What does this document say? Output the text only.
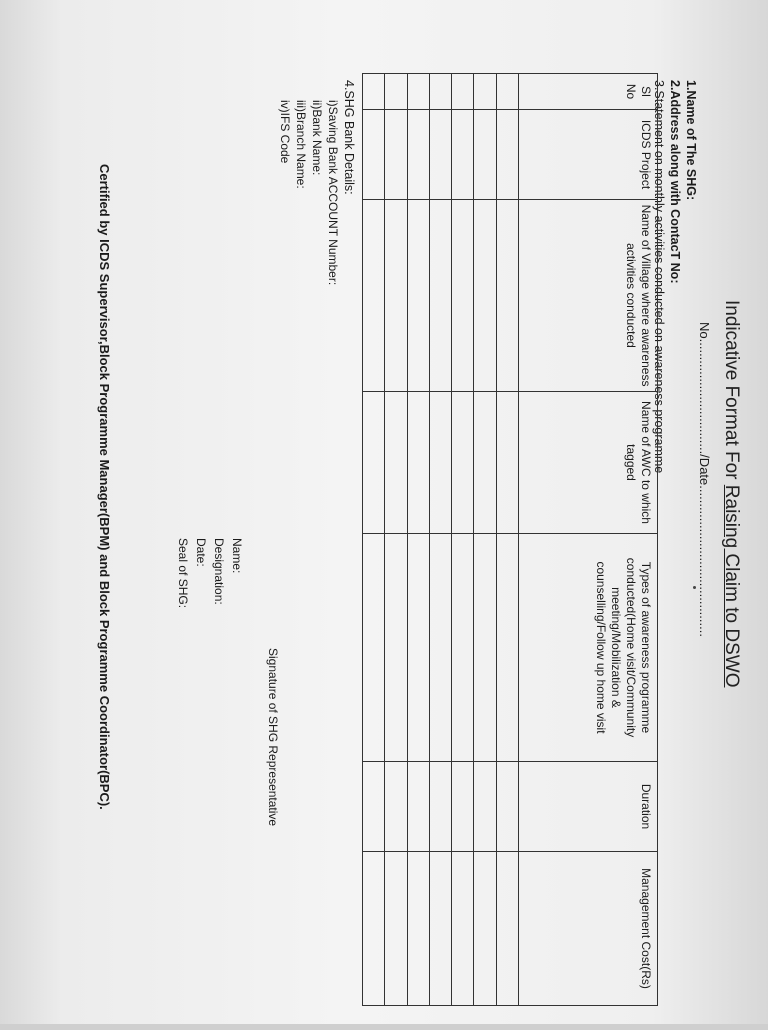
Indicative Format For Raising Claim to DSWO
No................................/Date..........................................
1.Name of The SHG:
2.Address along with ContacT No:
3.Statement on monthly activities conducted on awareness programme
Sl No	ICDS Project	Name of Village where awareness activities conducted	Name of AWC to which tagged	Types of awareness programme conducted(Home visit/Community meeting/Mobilization & counselling/Follow up home visit	Duration	Management Cost(Rs)

4.SHG Bank Details:
i)Saving Bank ACCOUNT Number:
ii)Bank Name:
iii)Branch Name:
iv)IFS Code
Signature of SHG Representative
Name:
Designation:
Date:
Seal of SHG:
Certified by ICDS Supervisor,Block Programme Manager(BPM) and Block Programme Coordinator(BPC).
